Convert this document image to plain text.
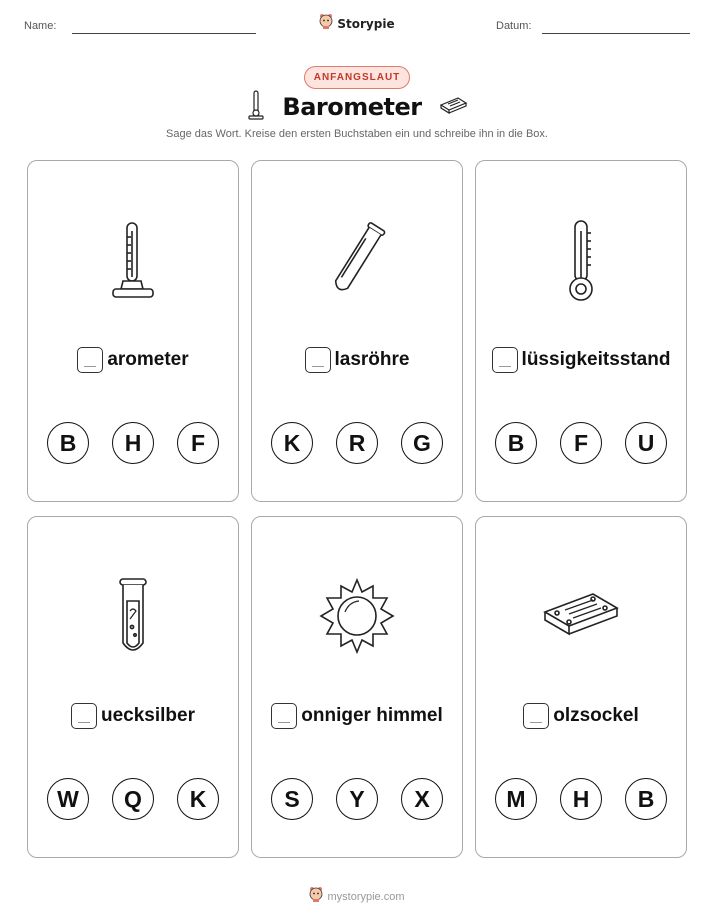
Name:	Storypie	Datum:
ANFANGSLAUT
Barometer
Sage das Wort. Kreise den ersten Buchstaben ein und schreibe ihn in die Box.
arometer
B	H	F
lasröhre
K	R	G
lüssigkeitsstand
B	F	U
uecksilber
W	Q	K
onniger himmel
S	Y	X
olzsockel
M	H	B
mystorypie.com
